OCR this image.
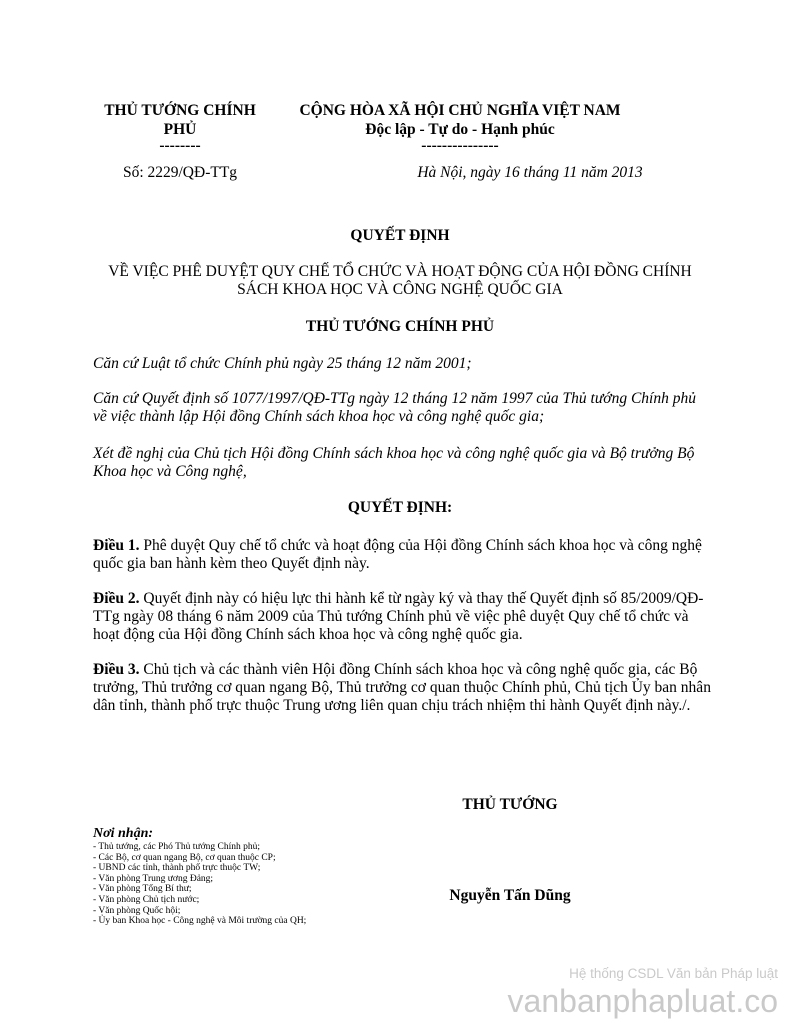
THỦ TƯỚNG CHÍNH
PHỦ
--------
CỘNG HÒA XÃ HỘI CHỦ NGHĨA VIỆT NAM
Độc lập - Tự do - Hạnh phúc
---------------
Số: 2229/QĐ-TTg	Hà Nội, ngày 16 tháng 11 năm 2013
QUYẾT ĐỊNH
VỀ VIỆC PHÊ DUYỆT QUY CHẾ TỔ CHỨC VÀ HOẠT ĐỘNG CỦA HỘI ĐỒNG CHÍNH
SÁCH KHOA HỌC VÀ CÔNG NGHỆ QUỐC GIA
THỦ TƯỚNG CHÍNH PHỦ
Căn cứ Luật tổ chức Chính phủ ngày 25 tháng 12 năm 2001;
Căn cứ Quyết định số 1077/1997/QĐ-TTg ngày 12 tháng 12 năm 1997 của Thủ tướng Chính phủ về việc thành lập Hội đồng Chính sách khoa học và công nghệ quốc gia;
Xét đề nghị của Chủ tịch Hội đồng Chính sách khoa học và công nghệ quốc gia và Bộ trưởng Bộ Khoa học và Công nghệ,
QUYẾT ĐỊNH:
Điều 1. Phê duyệt Quy chế tổ chức và hoạt động của Hội đồng Chính sách khoa học và công nghệ quốc gia ban hành kèm theo Quyết định này.
Điều 2. Quyết định này có hiệu lực thi hành kể từ ngày ký và thay thế Quyết định số 85/2009/QĐ-TTg ngày 08 tháng 6 năm 2009 của Thủ tướng Chính phủ về việc phê duyệt Quy chế tổ chức và hoạt động của Hội đồng Chính sách khoa học và công nghệ quốc gia.
Điều 3. Chủ tịch và các thành viên Hội đồng Chính sách khoa học và công nghệ quốc gia, các Bộ trưởng, Thủ trưởng cơ quan ngang Bộ, Thủ trưởng cơ quan thuộc Chính phủ, Chủ tịch Ủy ban nhân dân tỉnh, thành phố trực thuộc Trung ương liên quan chịu trách nhiệm thi hành Quyết định này./.
THỦ TƯỚNG
Nguyễn Tấn Dũng
Nơi nhận:
- Thủ tướng, các Phó Thủ tướng Chính phủ;
- Các Bộ, cơ quan ngang Bộ, cơ quan thuộc CP;
- UBND các tỉnh, thành phố trực thuộc TW;
- Văn phòng Trung ương Đảng;
- Văn phòng Tổng Bí thư;
- Văn phòng Chủ tịch nước;
- Văn phòng Quốc hội;
- Ủy ban Khoa học - Công nghệ và Môi trường của QH;
Hệ thống CSDL Văn bản Pháp luật
vanbanphapluat.co
